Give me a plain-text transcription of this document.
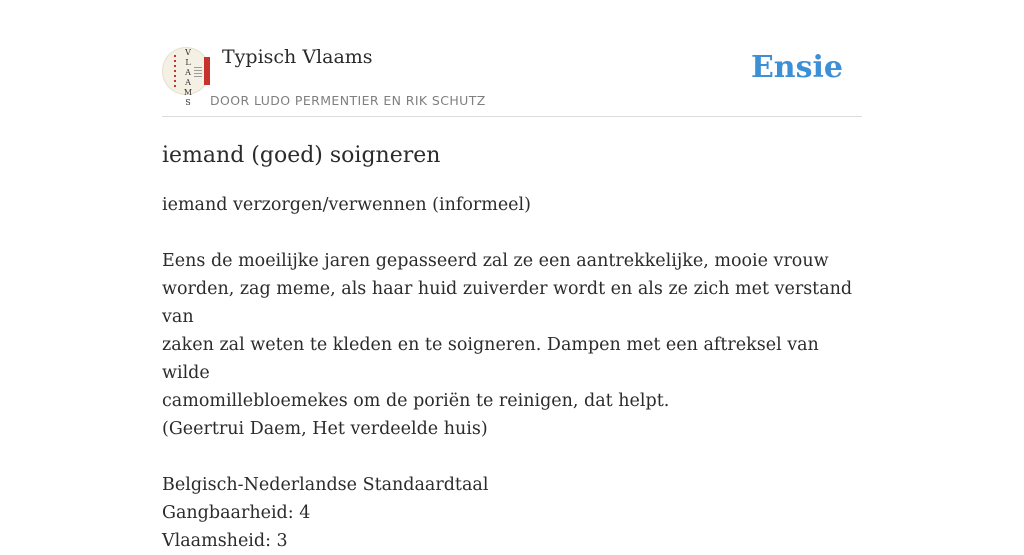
V
L
A
A
M
S
Typisch Vlaams
DOOR LUDO PERMENTIER EN RIK SCHUTZ
Ensie
iemand (goed) soigneren

iemand verzorgen/verwennen (informeel)

Eens de moeilijke jaren gepasseerd zal ze een aantrekkelijke, mooie vrouw

worden, zag meme, als haar huid zuiverder wordt en als ze zich met verstand van

zaken zal weten te kleden en te soigneren. Dampen met een aftreksel van wilde

camomillebloemekes om de poriën te reinigen, dat helpt.

(Geertrui Daem, Het verdeelde huis)

Belgisch-Nederlandse Standaardtaal

Gangbaarheid: 4

Vlaamsheid: 3
